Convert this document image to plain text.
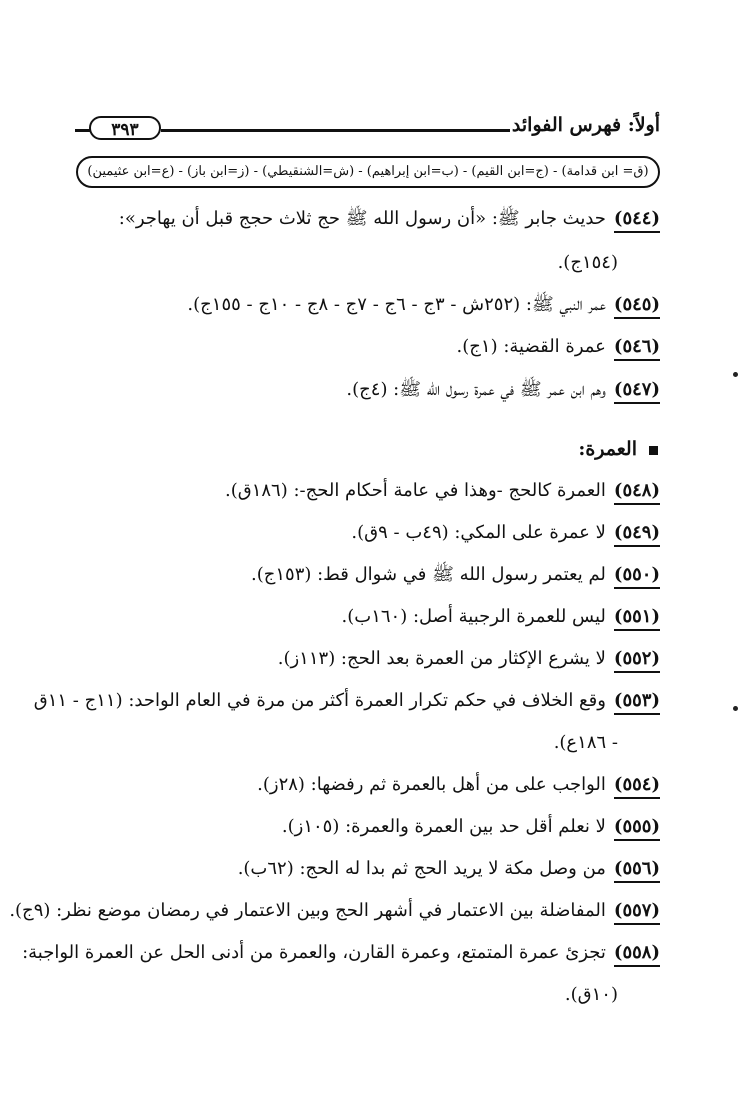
أولاً: فهرس الفوائد
٣٩٣
(ق= ابن قدامة) - (ج=ابن القيم) - (ب=ابن إبراهيم) - (ش=الشنقيطي) - (ز=ابن باز) - (ع=ابن عثيمين)
(٥٤٤)حديث جابر ﷺ: «أن رسول الله ﷺ حج ثلاث حجج قبل أن يهاجر»:
(١٥٤ج).
(٥٤٥)عمر النبي ﷺ: (٢٥٢ش - ٣ج - ٦ج - ٧ج - ٨ج - ١٠ج - ١٥٥ج).
(٥٤٦)عمرة القضية: (١ج).
(٥٤٧)وهم ابن عمر ﷺ في عمرة رسول الله ﷺ: (٤ج).
العمرة:
(٥٤٨)العمرة كالحج -وهذا في عامة أحكام الحج-: (١٨٦ق).
(٥٤٩)لا عمرة على المكي: (٤٩ب - ٩ق).
(٥٥٠)لم يعتمر رسول الله ﷺ في شوال قط: (١٥٣ج).
(٥٥١)ليس للعمرة الرجبية أصل: (١٦٠ب).
(٥٥٢)لا يشرع الإكثار من العمرة بعد الحج: (١١٣ز).
(٥٥٣)وقع الخلاف في حكم تكرار العمرة أكثر من مرة في العام الواحد: (١١ج - ١١ق
- ١٨٦ع).
(٥٥٤)الواجب على من أهل بالعمرة ثم رفضها: (٢٨ز).
(٥٥٥)لا نعلم أقل حد بين العمرة والعمرة: (١٠٥ز).
(٥٥٦)من وصل مكة لا يريد الحج ثم بدا له الحج: (٦٢ب).
(٥٥٧)المفاضلة بين الاعتمار في أشهر الحج وبين الاعتمار في رمضان موضع نظر: (٩ج).
(٥٥٨)تجزئ عمرة المتمتع، وعمرة القارن، والعمرة من أدنى الحل عن العمرة الواجبة:
(١٠ق).
